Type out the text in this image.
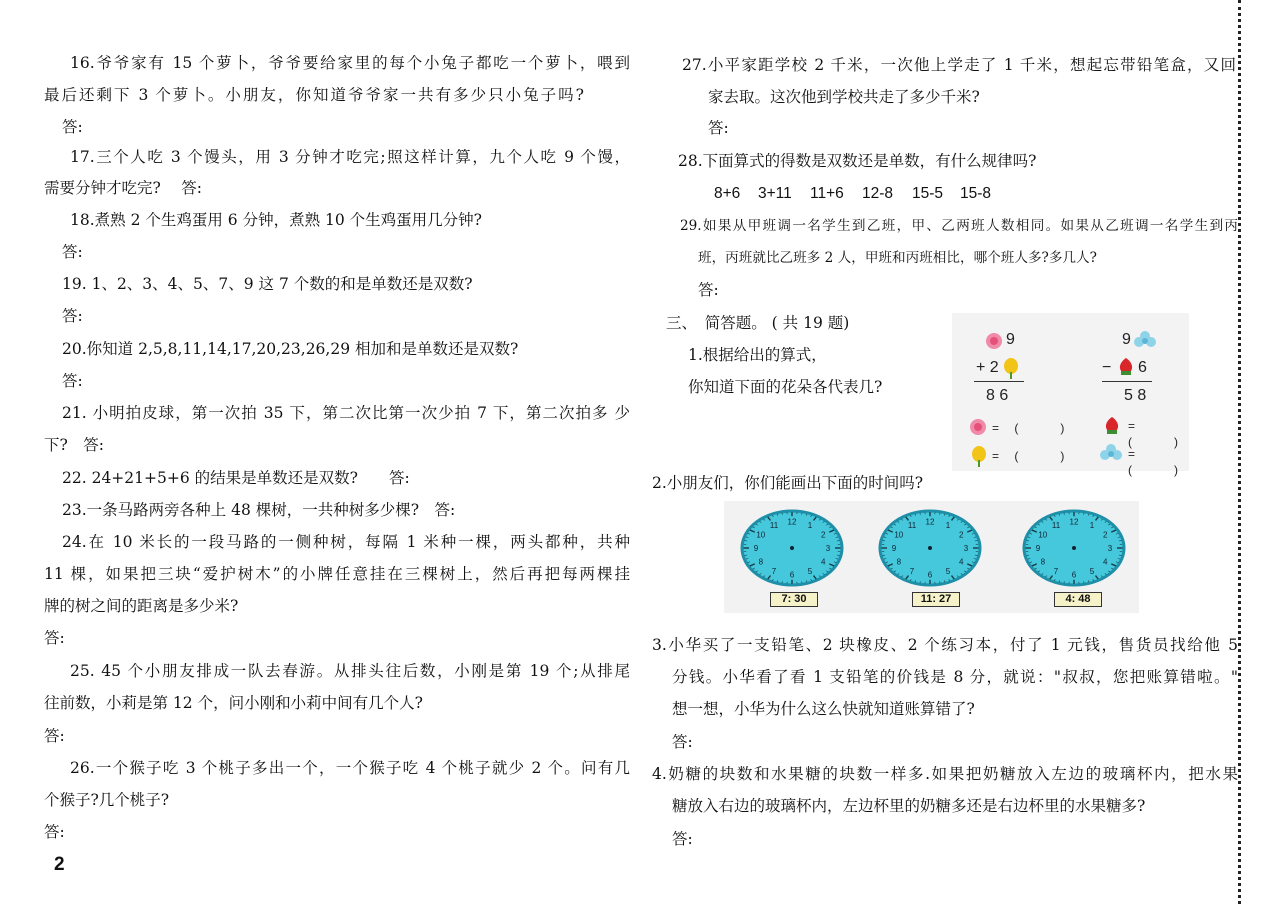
16.爷爷家有 15 个萝卜，爷爷要给家里的每个小兔子都吃一个萝卜，喂到
最后还剩下 3 个萝卜。小朋友，你知道爷爷家一共有多少只小兔子吗?
答:
17.三个人吃 3 个馒头，用 3 分钟才吃完;照这样计算，九个人吃 9 个馒，
需要分钟才吃完?　 答:
18.煮熟 2 个生鸡蛋用 6 分钟，煮熟 10 个生鸡蛋用几分钟?
答:
19. 1、2、3、4、5、7、9 这 7 个数的和是单数还是双数?
答:
20.你知道 2,5,8,11,14,17,20,23,26,29 相加和是单数还是双数?
答:
21. 小明拍皮球，第一次拍 35 下，第二次比第一次少拍 7 下，第二次拍多 少
下?　答:
22. 24+21+5+6 的结果是单数还是双数?　　答:
23.一条马路两旁各种上 48 棵树，一共种树多少棵?　答:
24.在 10 米长的一段马路的一侧种树，每隔 1 米种一棵，两头都种，共种
11 棵，如果把三块“爱护树木”的小牌任意挂在三棵树上，然后再把每两棵挂
牌的树之间的距离是多少米?
答:
25. 45 个小朋友排成一队去春游。从排头往后数，小刚是第 19 个;从排尾
往前数，小莉是第 12 个，问小刚和小莉中间有几个人?
答:
26.一个猴子吃 3 个桃子多出一个，一个猴子吃 4 个桃子就少 2 个。问有几
个猴子?几个桃子?
答:
2
27.小平家距学校 2 千米，一次他上学走了 1 千米，想起忘带铅笔盒，又回
家去取。这次他到学校共走了多少千米?
答:
28.下面算式的得数是双数还是单数，有什么规律吗?
8+6 3+11 11+6 12-8 15-5 15-8
29.如果从甲班调一名学生到乙班，甲、乙两班人数相同。如果从乙班调一名学生到丙
班，丙班就比乙班多 2 人，甲班和丙班相比，哪个班人多?多几人?
答:
三、　简答题。 ( 共 19 题)
1.根据给出的算式，
你知道下面的花朵各代表几?
2.小朋友们，你们能画出下面的时间吗?
3.小华买了一支铅笔、2 块橡皮、2 个练习本，付了 1 元钱，售货员找给他 5
分钱。小华看了看 1 支铅笔的价钱是 8 分，就说："叔叔，您把账算错啦。"
想一想，小华为什么这么快就知道账算错了?
答:
4.奶糖的块数和水果糖的块数一样多.如果把奶糖放入左边的玻璃杯内，把水果
糖放入右边的玻璃杯内，左边杯里的奶糖多还是右边杯里的水果糖多?
答:
9
+ 2
8 6
9
− 6
5 8
= (　　)	= (　　)
= (　　)	= (　　)
1
2
3
4
5
6
7
8
9
10
11 12	1
2
3
4
5
6
7
8
9
10
11 12	1
2
3
4
5
6
7
8
9
10
11 12
7: 30	11: 27	4: 48
